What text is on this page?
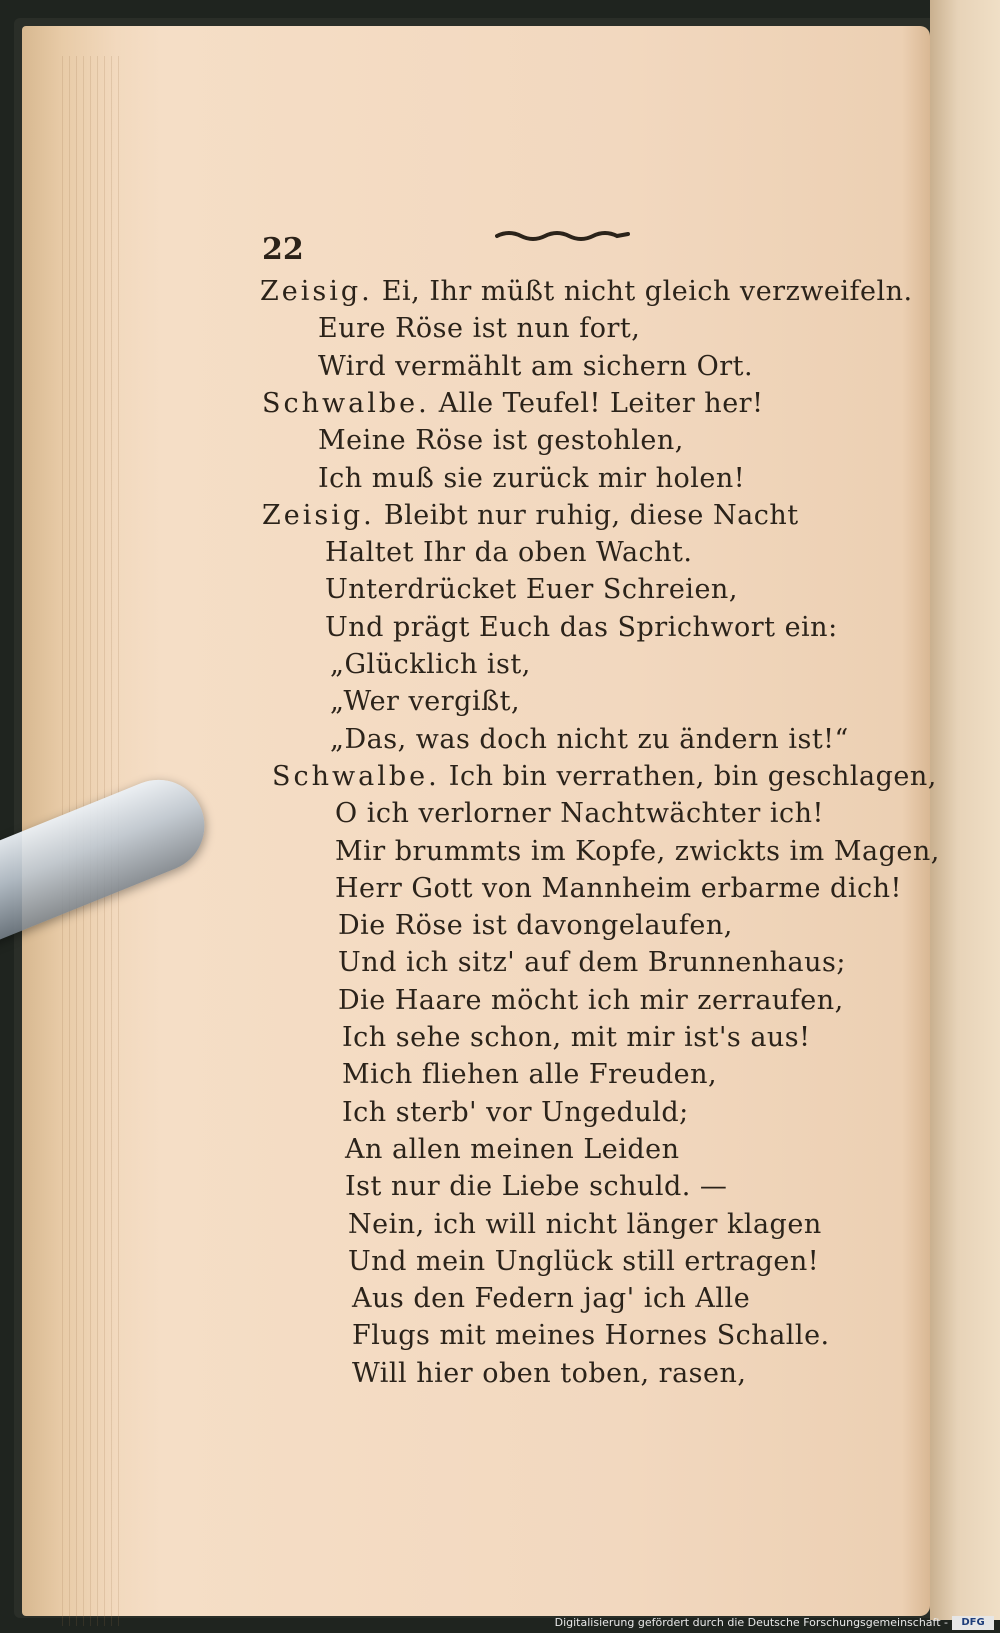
22
Zeisig. Ei, Ihr müßt nicht gleich verzweifeln.
Eure Röse ist nun fort,
Wird vermählt am sichern Ort.
Schwalbe. Alle Teufel! Leiter her!
Meine Röse ist gestohlen,
Ich muß sie zurück mir holen!
Zeisig. Bleibt nur ruhig, diese Nacht
Haltet Ihr da oben Wacht.
Unterdrücket Euer Schreien,
Und prägt Euch das Sprichwort ein:
„Glücklich ist,
„Wer vergißt,
„Das, was doch nicht zu ändern ist!“
Schwalbe. Ich bin verrathen, bin geschlagen,
O ich verlorner Nachtwächter ich!
Mir brummts im Kopfe, zwickts im Magen,
Herr Gott von Mannheim erbarme dich!
Die Röse ist davongelaufen,
Und ich sitz' auf dem Brunnenhaus;
Die Haare möcht ich mir zerraufen,
Ich sehe schon, mit mir ist's aus!
Mich fliehen alle Freuden,
Ich sterb' vor Ungeduld;
An allen meinen Leiden
Ist nur die Liebe schuld. —
Nein, ich will nicht länger klagen
Und mein Unglück still ertragen!
Aus den Federn jag' ich Alle
Flugs mit meines Hornes Schalle.
Will hier oben toben, rasen,
Digitalisierung gefördert durch die Deutsche Forschungsgemeinschaft -	DFG
